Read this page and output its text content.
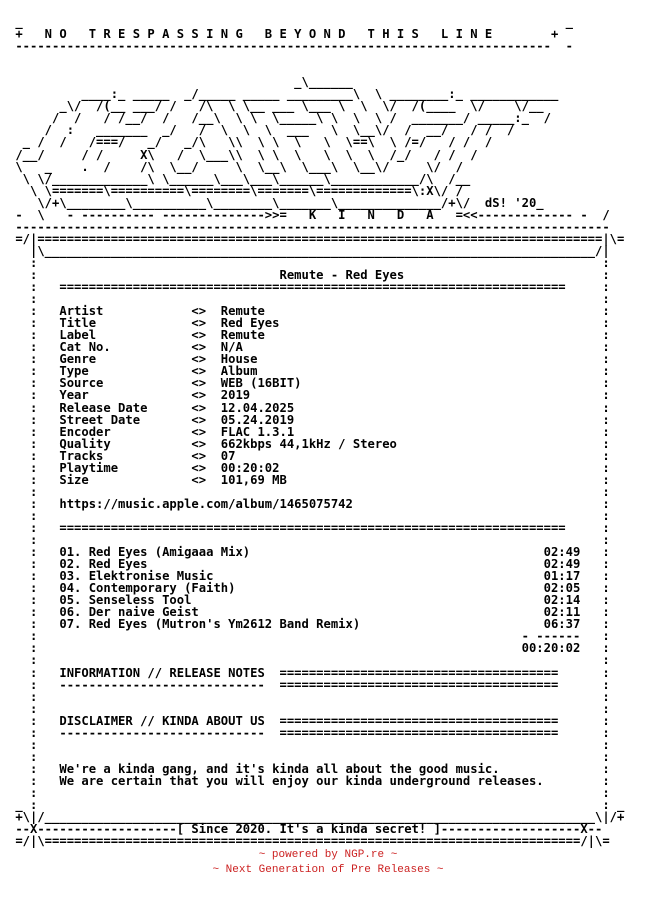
_                                                                          _
+   N O   T R E S P A S S I N G   B E Y O N D   T H I S   L I N E        +
-------------------------------------------------------------------------  -
_\______
____:_ _____  _/_____ _____ _________\  \ ________:_ ____________
_\/  /(__ ___/ /   /\  \ \__ ___ \___ \  \  \/  /(____  \/    \/__
/  /   / /__/  /   /__\  \ \  \_____\ \  \  \ /  _______/ _____:_  /
/  :   _______  _/   /  \  \  \  ___   \  \__\/  /  __/   / /  /
_ /  /   /===/   _/   _/\   \\  \ \  \   \  \==\  \ /=/   / /  /
/__/     / /     X\   /  \___\\  \ \  \   \  \  \  /_/   / /  /
\   _    .  /    /\  \__/     \  \__\  \___\  \__\/     \/  /
\ \/_____________\ \______\___\___\______\____________/\  /__
\ \=======\==========\========\=======\=============\:X\/ /
\/+\________\__________\________\_______\______________/+\/  dS! '20_
-  \   - ---------- -------------->>=   K   I   N   D   A   =<<------------- -  /
---------------------------------------------------------------------------------
=/|=============================================================================|\=
|\___________________________________________________________________________/|
:                                                                             :
:                                 Remute - Red Eyes                           :
:   =====================================================================     :
:                                                                             :
:   Artist            <>  Remute                                              :
:   Title             <>  Red Eyes                                            :
:   Label             <>  Remute                                              :
:   Cat No.           <>  N/A                                                 :
:   Genre             <>  House                                               :
:   Type              <>  Album                                               :
:   Source            <>  WEB (16BIT)                                         :
:   Year              <>  2019                                                :
:   Release Date      <>  12.04.2025                                          :
:   Street Date       <>  05.24.2019                                          :
:   Encoder           <>  FLAC 1.3.1                                          :
:   Quality           <>  662kbps 44,1kHz / Stereo                            :
:   Tracks            <>  07                                                  :
:   Playtime          <>  00:20:02                                            :
:   Size              <>  101,69 MB                                           :
:                                                                             :
:   https://music.apple.com/album/1465075742                                  :
:                                                                             :
:   =====================================================================     :
:                                                                             :
:   01. Red Eyes (Amigaaa Mix)                                        02:49   :
:   02. Red Eyes                                                      02:49   :
:   03. Elektronise Music                                             01:17   :
:   04. Contemporary (Faith)                                          02:05   :
:   05. Senseless Tool                                                02:14   :
:   06. Der naive Geist                                               02:11   :
:   07. Red Eyes (Mutron's Ym2612 Band Remix)                         06:37   :
:                                                                  - ------   :
:                                                                  00:20:02   :
:                                                                             :
:   INFORMATION // RELEASE NOTES  ======================================      :
:   ----------------------------  ======================================      :
:                                                                             :
:                                                                             :
:   DISCLAIMER // KINDA ABOUT US  ======================================      :
:   ----------------------------  ======================================      :
:                                                                             :
:                                                                             :
:   We're a kinda gang, and it's kinda all about the good music.              :
:   We are certain that you will enjoy our kinda underground releases.        :
:                                                                             :
_ :                                                                             : _
+\|/___________________________________________________________________________\|/+
--X-------------------[ Since 2020. It's a kinda secret! ]-------------------X--
=/|\=========================================================================/|\=
~ powered by NGP.re ~
~ Next Generation of Pre Releases ~
